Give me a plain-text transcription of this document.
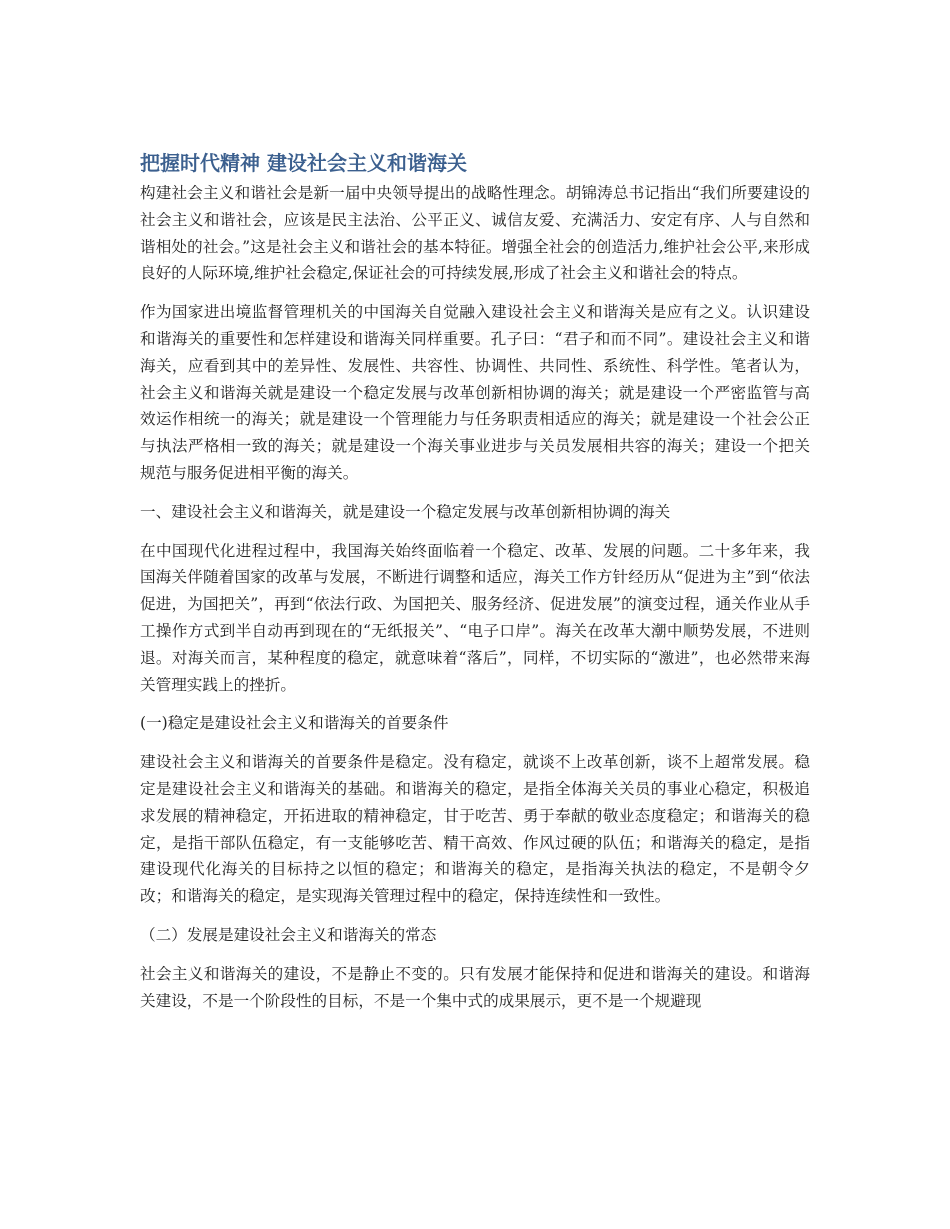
把握时代精神 建设社会主义和谐海关

构建社会主义和谐社会是新一届中央领导提出的战略性理念。胡锦涛总书记指出“我们所要建设的社会主义和谐社会，应该是民主法治、公平正义、诚信友爱、充满活力、安定有序、人与自然和谐相处的社会。”这是社会主义和谐社会的基本特征。增强全社会的创造活力,维护社会公平,来形成良好的人际环境,维护社会稳定,保证社会的可持续发展,形成了社会主义和谐社会的特点。

作为国家进出境监督管理机关的中国海关自觉融入建设社会主义和谐海关是应有之义。认识建设和谐海关的重要性和怎样建设和谐海关同样重要。孔子曰：“君子和而不同”。建设社会主义和谐海关，应看到其中的差异性、发展性、共容性、协调性、共同性、系统性、科学性。笔者认为，社会主义和谐海关就是建设一个稳定发展与改革创新相协调的海关；就是建设一个严密监管与高效运作相统一的海关；就是建设一个管理能力与任务职责相适应的海关；就是建设一个社会公正与执法严格相一致的海关；就是建设一个海关事业进步与关员发展相共容的海关；建设一个把关规范与服务促进相平衡的海关。

一、建设社会主义和谐海关，就是建设一个稳定发展与改革创新相协调的海关

在中国现代化进程过程中，我国海关始终面临着一个稳定、改革、发展的问题。二十多年来，我国海关伴随着国家的改革与发展，不断进行调整和适应，海关工作方针经历从“促进为主”到“依法促进，为国把关”，再到“依法行政、为国把关、服务经济、促进发展”的演变过程，通关作业从手工操作方式到半自动再到现在的“无纸报关”、“电子口岸”。海关在改革大潮中顺势发展，不进则退。对海关而言，某种程度的稳定，就意味着“落后”，同样，不切实际的“激进”，也必然带来海关管理实践上的挫折。

(一)稳定是建设社会主义和谐海关的首要条件

建设社会主义和谐海关的首要条件是稳定。没有稳定，就谈不上改革创新，谈不上超常发展。稳定是建设社会主义和谐海关的基础。和谐海关的稳定，是指全体海关关员的事业心稳定，积极追求发展的精神稳定，开拓进取的精神稳定，甘于吃苦、勇于奉献的敬业态度稳定；和谐海关的稳定，是指干部队伍稳定，有一支能够吃苦、精干高效、作风过硬的队伍；和谐海关的稳定，是指建设现代化海关的目标持之以恒的稳定；和谐海关的稳定，是指海关执法的稳定，不是朝令夕改；和谐海关的稳定，是实现海关管理过程中的稳定，保持连续性和一致性。

（二）发展是建设社会主义和谐海关的常态

社会主义和谐海关的建设，不是静止不变的。只有发展才能保持和促进和谐海关的建设。和谐海关建设，不是一个阶段性的目标，不是一个集中式的成果展示，更不是一个规避现
